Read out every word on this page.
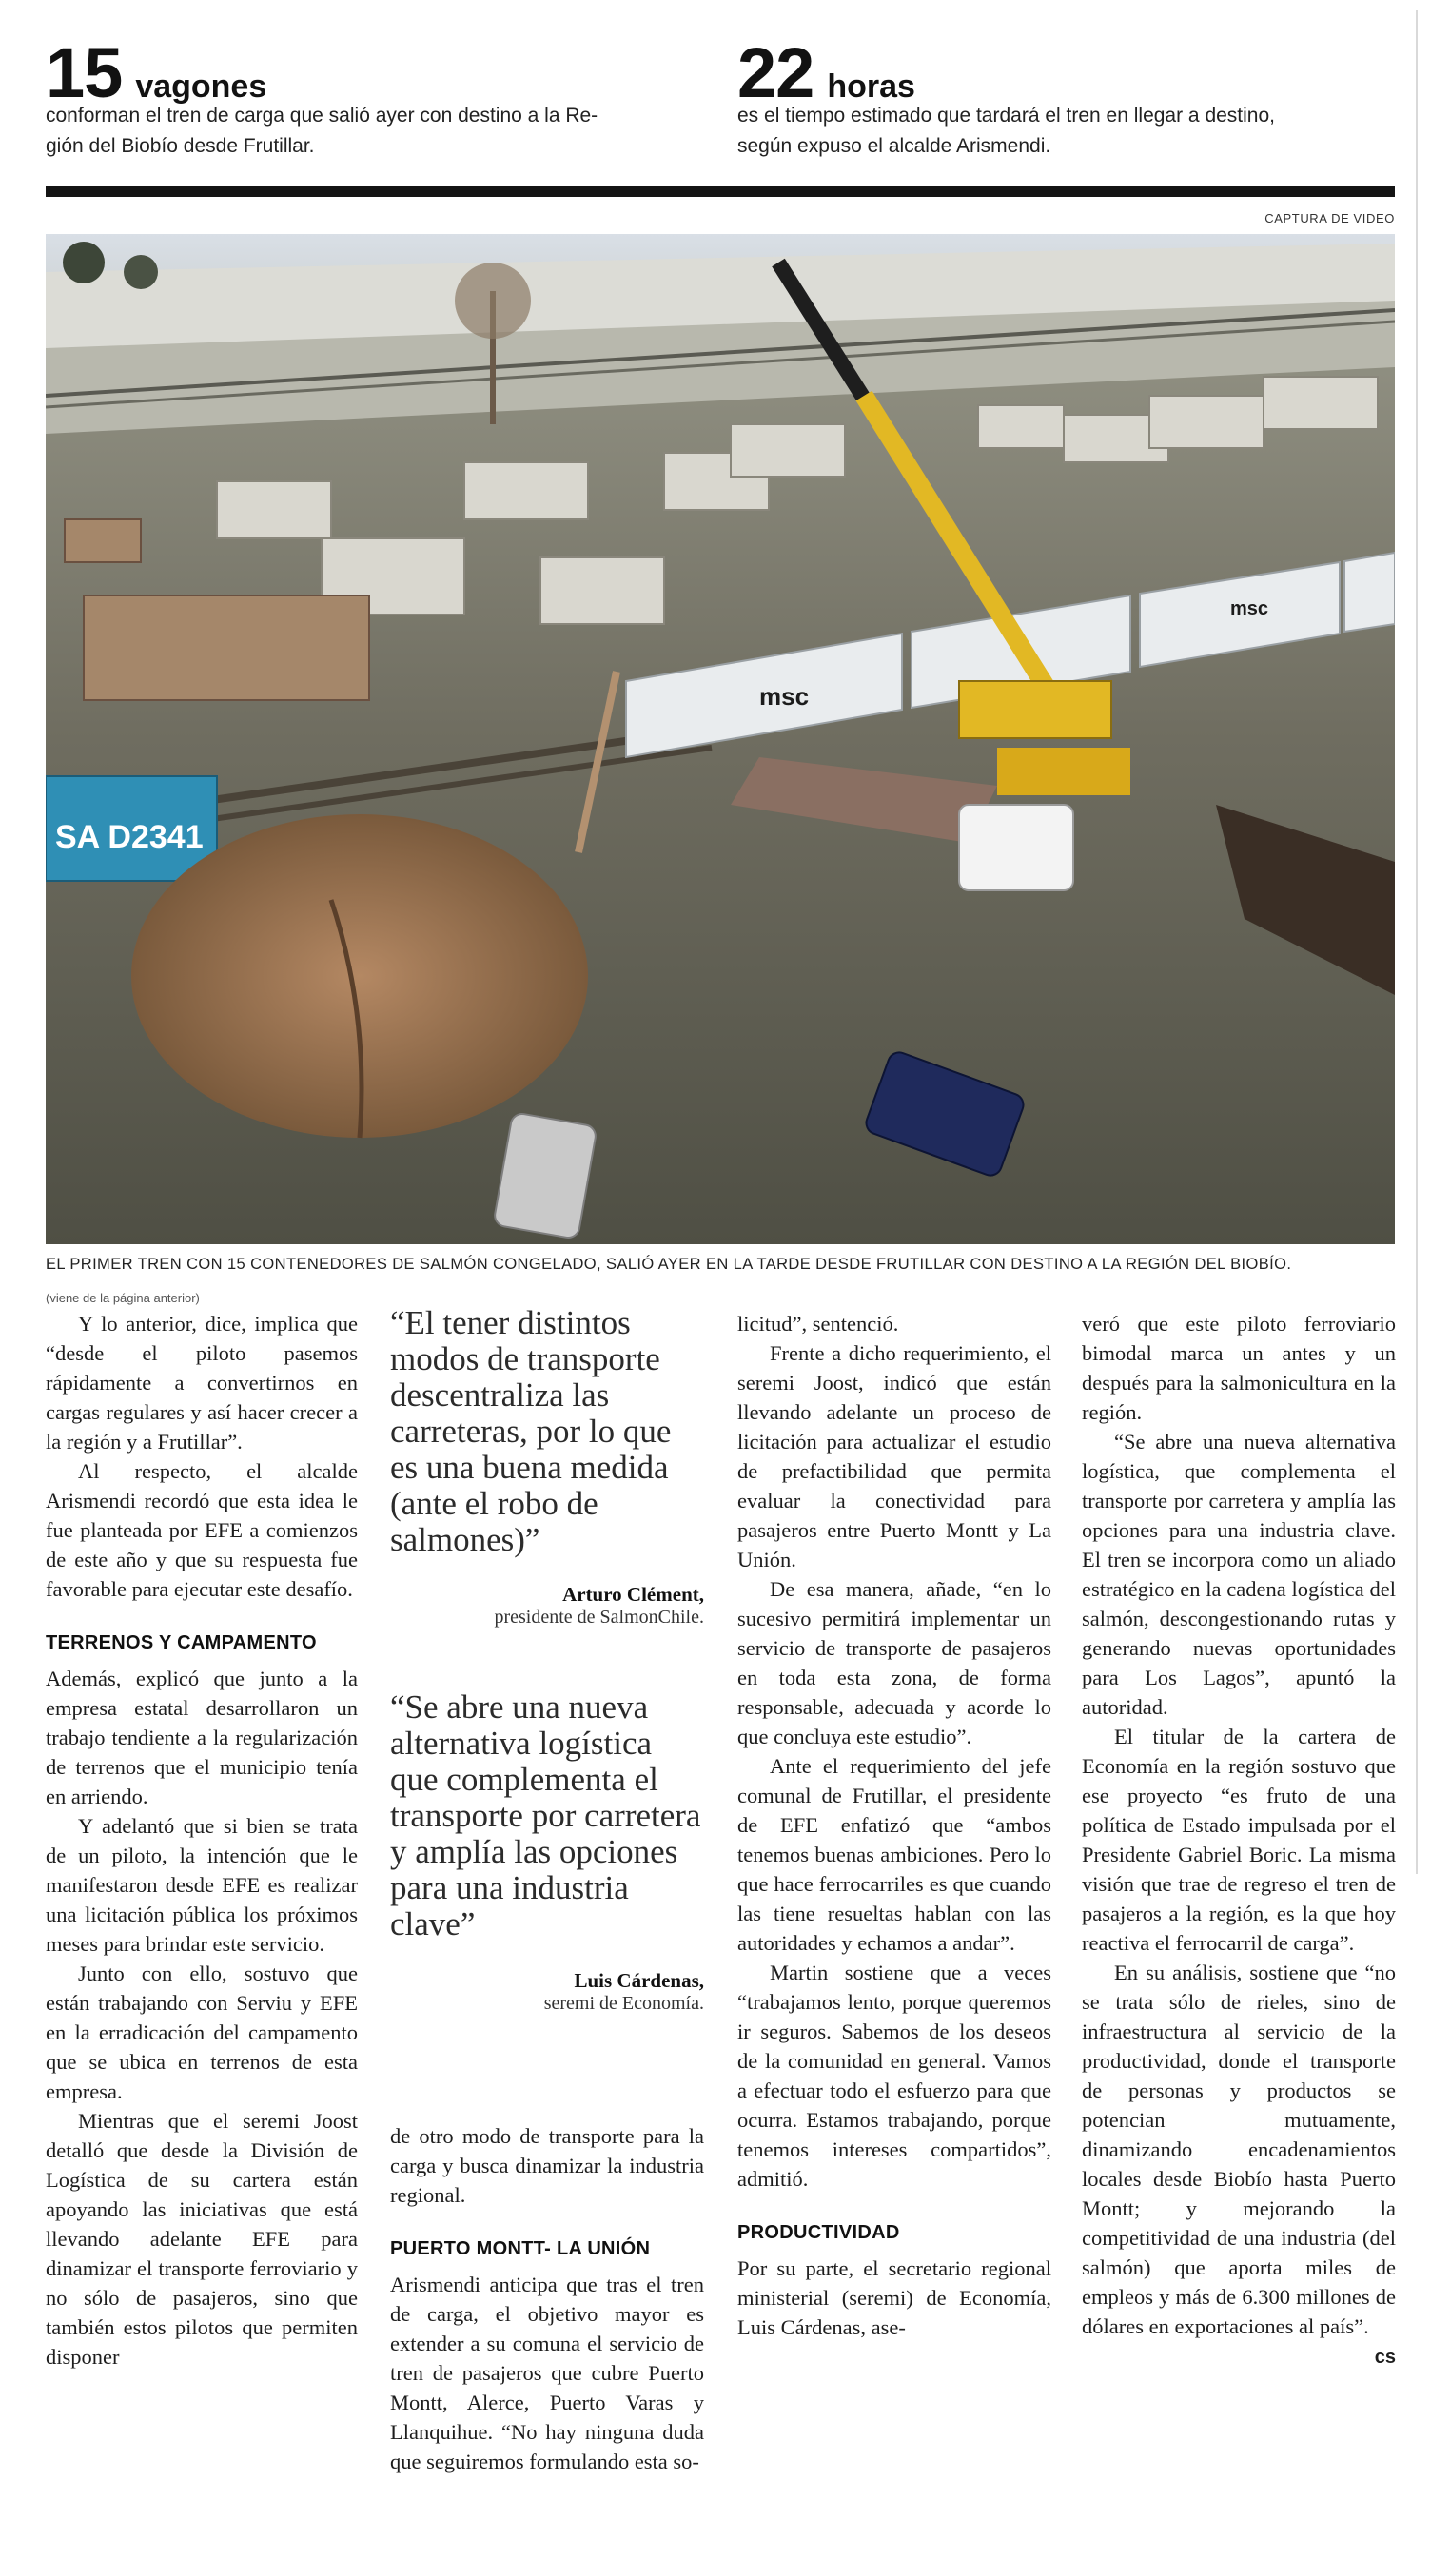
15 vagones
conforman el tren de carga que salió ayer con destino a la Re-
gión del Biobío desde Frutillar.
22 horas
es el tiempo estimado que tardará el tren en llegar a destino,
según expuso el alcalde Arismendi.
CAPTURA DE VIDEO
msc
msc
SA D2341
EL PRIMER TREN CON 15 CONTENEDORES DE SALMÓN CONGELADO, SALIÓ AYER EN LA TARDE DESDE FRUTILLAR CON DESTINO A LA REGIÓN DEL BIOBÍO.
(viene de la página anterior)

Y lo anterior, dice, implica que “desde el piloto pasemos rápidamente a convertirnos en cargas regulares y así hacer crecer a la región y a Frutillar”.

Al respecto, el alcalde Arismendi recordó que esta idea le fue planteada por EFE a comienzos de este año y que su respuesta fue favorable para ejecutar este desafío.

TERRENOS Y CAMPAMENTO

Además, explicó que junto a la empresa estatal desarrollaron un trabajo tendiente a la regularización de terrenos que el municipio tenía en arriendo.

Y adelantó que si bien se trata de un piloto, la intención que le manifestaron desde EFE es realizar una licitación pública los próximos meses para brindar este servicio.

Junto con ello, sostuvo que están trabajando con Serviu y EFE en la erradicación del campamento que se ubica en terrenos de esta empresa.

Mientras que el seremi Joost detalló que desde la División de Logística de su cartera están apoyando las iniciativas que está llevando adelante EFE para dinamizar el transporte ferroviario y no sólo de pasajeros, sino que también estos pilotos que permiten disponer

“El tener distintos modos de transporte descentraliza las carreteras, por lo que es una buena medida (ante el robo de salmones)”
Arturo Clément,
presidente de SalmonChile.
“Se abre una nueva alternativa logística que complementa el transporte por carretera y amplía las opciones para una industria clave”
Luis Cárdenas,
seremi de Economía.

de otro modo de transporte para la carga y busca dinamizar la industria regional.

PUERTO MONTT- LA UNIÓN

Arismendi anticipa que tras el tren de carga, el objetivo mayor es extender a su comuna el servicio de tren de pasajeros que cubre Puerto Montt, Alerce, Puerto Varas y Llanquihue. “No hay ninguna duda que seguiremos formulando esta so-

licitud”, sentenció.

Frente a dicho requerimiento, el seremi Joost, indicó que están llevando adelante un proceso de licitación para actualizar el estudio de prefactibilidad que permita evaluar la conectividad para pasajeros entre Puerto Montt y La Unión.

De esa manera, añade, “en lo sucesivo permitirá implementar un servicio de transporte de pasajeros en toda esta zona, de forma responsable, adecuada y acorde lo que concluya este estudio”.

Ante el requerimiento del jefe comunal de Frutillar, el presidente de EFE enfatizó que “ambos tenemos buenas ambiciones. Pero lo que hace ferrocarriles es que cuando las tiene resueltas hablan con las autoridades y echamos a andar”.

Martin sostiene que a veces “trabajamos lento, porque queremos ir seguros. Sabemos de los deseos de la comunidad en general. Vamos a efectuar todo el esfuerzo para que ocurra. Estamos trabajando, porque tenemos intereses compartidos”, admitió.

PRODUCTIVIDAD

Por su parte, el secretario regional ministerial (seremi) de Economía, Luis Cárdenas, ase-

veró que este piloto ferroviario bimodal marca un antes y un después para la salmonicultura en la región.

“Se abre una nueva alternativa logística, que complementa el transporte por carretera y amplía las opciones para una industria clave. El tren se incorpora como un aliado estratégico en la cadena logística del salmón, descongestionando rutas y generando nuevas oportunidades para Los Lagos”, apuntó la autoridad.

El titular de la cartera de Economía en la región sostuvo que ese proyecto “es fruto de una política de Estado impulsada por el Presidente Gabriel Boric. La misma visión que trae de regreso el tren de pasajeros a la región, es la que hoy reactiva el ferrocarril de carga”.

En su análisis, sostiene que “no se trata sólo de rieles, sino de infraestructura al servicio de la productividad, donde el transporte de personas y productos se potencian mutuamente, dinamizando encadenamientos locales desde Biobío hasta Puerto Montt; y mejorando la competitividad de una industria (del salmón) que aporta miles de empleos y más de 6.300 millones de dólares en exportaciones al país”.

cs
